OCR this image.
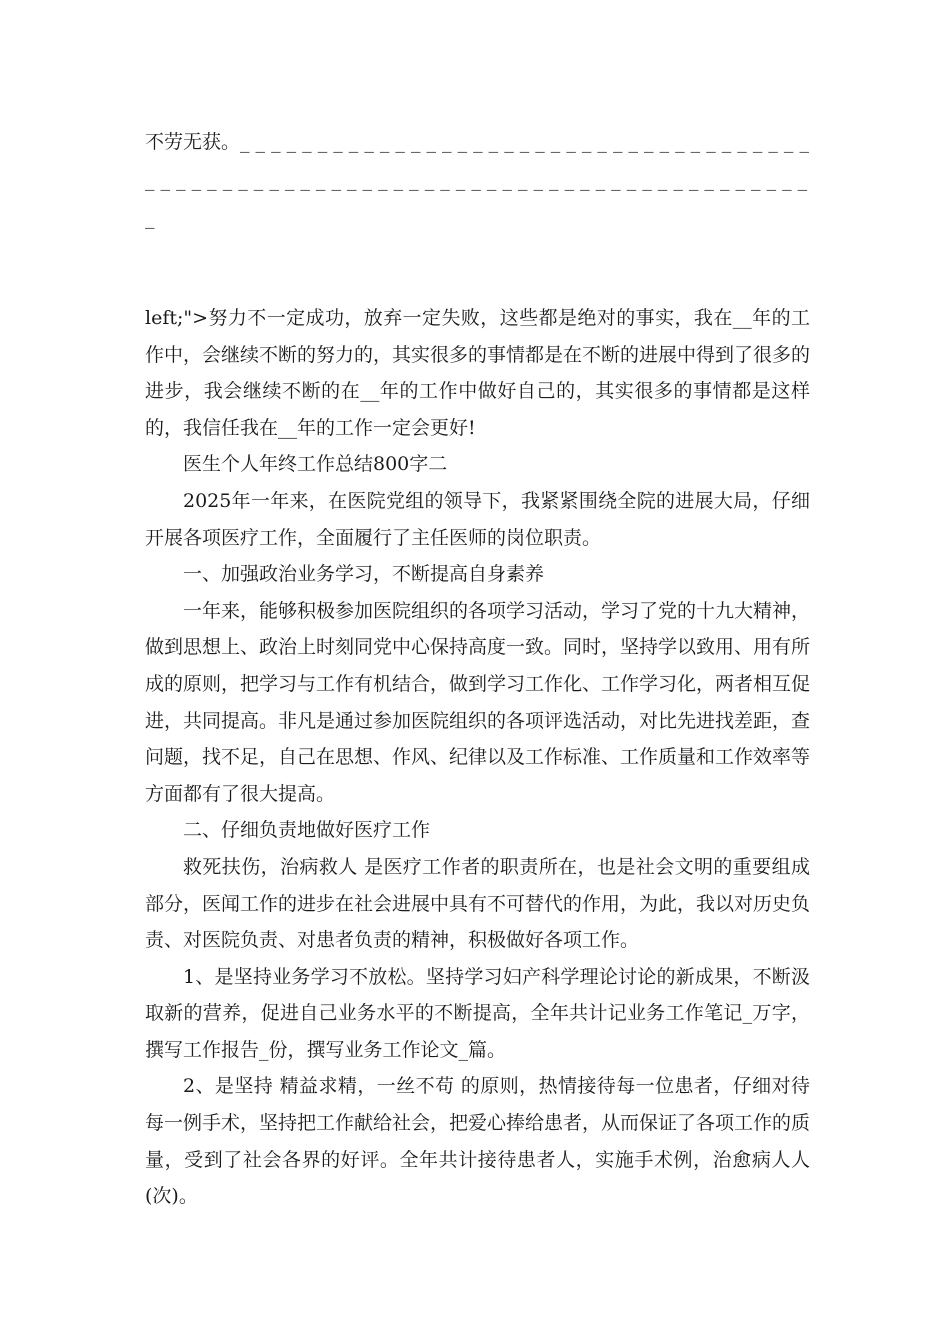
不劳无获。_ _ _ _ _ _ _ _ _ _ _ _ _ _ _ _ _ _ _ _ _ _ _ _ _ _ _ _ _ _ _ _ _ _ _ _ _ _ _ _ _ _ _ _ _ _ _ _ _ _ _ _ _ _ _ _ _ _ _ _ _ _ _ _ _ _ _ _ _ _ _ _ _ _ _ _ _ _ _ _ _

left;">努力不一定成功，放弃一定失败，这些都是绝对的事实，我在__年的工作中，会继续不断的努力的，其实很多的事情都是在不断的进展中得到了很多的进步，我会继续不断的在__年的工作中做好自己的，其实很多的事情都是这样的，我信任我在__年的工作一定会更好!

医生个人年终工作总结800字二

2025年一年来，在医院党组的领导下，我紧紧围绕全院的进展大局，仔细开展各项医疗工作，全面履行了主任医师的岗位职责。

一、加强政治业务学习，不断提高自身素养

一年来，能够积极参加医院组织的各项学习活动，学习了党的十九大精神，做到思想上、政治上时刻同党中心保持高度一致。同时，坚持学以致用、用有所成的原则，把学习与工作有机结合，做到学习工作化、工作学习化，两者相互促进，共同提高。非凡是通过参加医院组织的各项评选活动，对比先进找差距，查问题，找不足，自己在思想、作风、纪律以及工作标准、工作质量和工作效率等方面都有了很大提高。

二、仔细负责地做好医疗工作

救死扶伤，治病救人 是医疗工作者的职责所在，也是社会文明的重要组成部分，医闻工作的进步在社会进展中具有不可替代的作用，为此，我以对历史负责、对医院负责、对患者负责的精神，积极做好各项工作。

1、是坚持业务学习不放松。坚持学习妇产科学理论讨论的新成果，不断汲取新的营养，促进自己业务水平的不断提高，全年共计记业务工作笔记_万字，撰写工作报告_份，撰写业务工作论文_篇。

2、是坚持 精益求精，一丝不苟 的原则，热情接待每一位患者，仔细对待每一例手术，坚持把工作献给社会，把爱心捧给患者，从而保证了各项工作的质量，受到了社会各界的好评。全年共计接待患者人，实施手术例，治愈病人人(次)。
